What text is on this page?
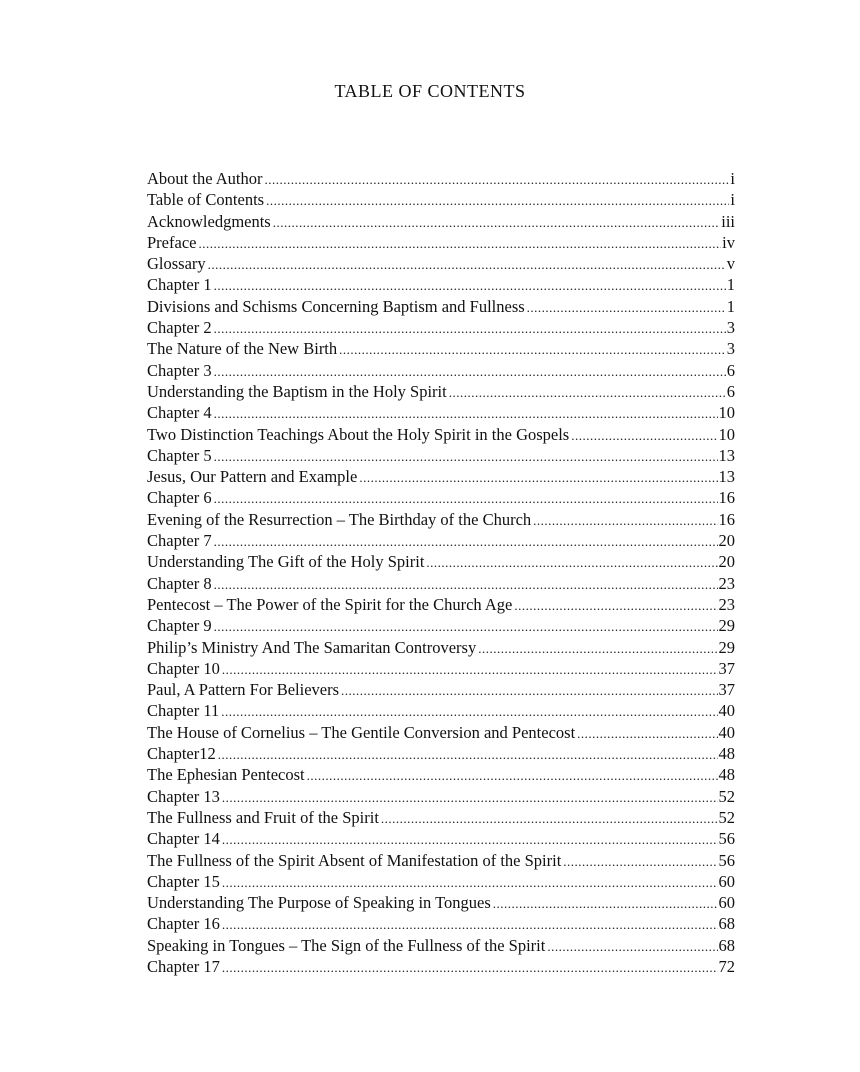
TABLE OF CONTENTS
About the Author .....	i
Table of Contents .....	i
Acknowledgments .....	iii
Preface .....	iv
Glossary .....	v
Chapter 1 .....	1
Divisions and Schisms Concerning Baptism and Fullness .....	1
Chapter 2 .....	3
The Nature of the New Birth .....	3
Chapter 3 .....	6
Understanding the Baptism in the Holy Spirit .....	6
Chapter 4 .....	10
Two Distinction Teachings About the Holy Spirit in the Gospels .....	10
Chapter 5 .....	13
Jesus, Our Pattern and Example .....	13
Chapter 6 .....	16
Evening of the Resurrection – The Birthday of the Church .....	16
Chapter 7 .....	20
Understanding The Gift of the Holy Spirit .....	20
Chapter 8 .....	23
Pentecost – The Power of the Spirit for the Church Age .....	23
Chapter 9 .....	29
Philip’s Ministry And The Samaritan Controversy .....	29
Chapter 10 .....	37
Paul, A Pattern For Believers .....	37
Chapter 11 .....	40
The House of Cornelius – The Gentile Conversion and Pentecost .....	40
Chapter12 .....	48
The Ephesian Pentecost .....	48
Chapter 13 .....	52
The Fullness and Fruit of the Spirit .....	52
Chapter 14 .....	56
The Fullness of the Spirit Absent of Manifestation of the Spirit .....	56
Chapter 15 .....	60
Understanding The Purpose of Speaking in Tongues .....	60
Chapter 16 .....	68
Speaking in Tongues – The Sign of the Fullness of the Spirit .....	68
Chapter 17 .....	72
